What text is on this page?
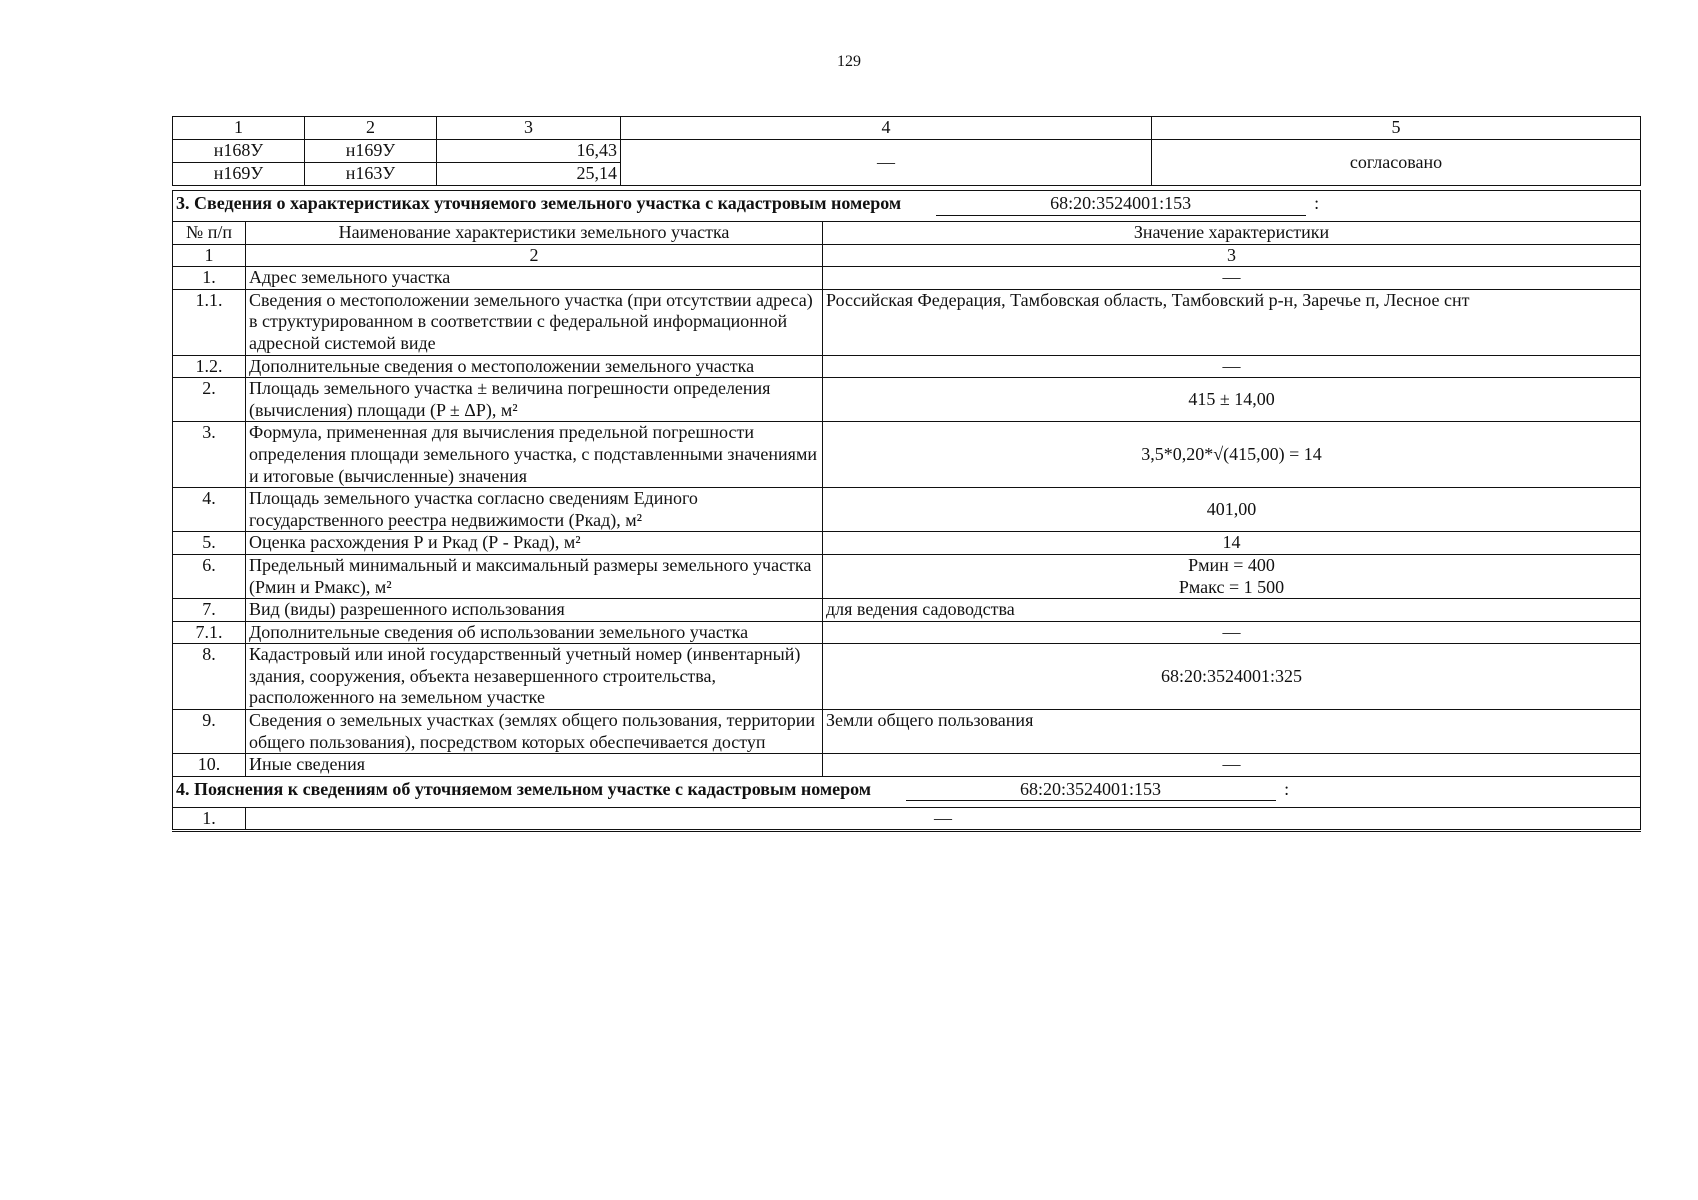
129
1	2	3	4	5
н168У	н169У	16,43	—	согласовано
н169У	н163У	25,14		
3. Сведения о характеристиках уточняемого земельного участка с кадастровым номером 68:20:3524001:153 :		
№ п/п	Наименование характеристики земельного участка	Значение характеристики
1	2	3
1.	Адрес земельного участка	—
1.1.	Сведения о местоположении земельного участка (при отсутствии адреса) в структурированном в соответствии с федеральной информационной адресной системой виде	Российская Федерация, Тамбовская область, Тамбовский р-н, Заречье п, Лесное снт
1.2.	Дополнительные сведения о местоположении земельного участка	—
2.	Площадь земельного участка ± величина погрешности определения (вычисления) площади (P ± ΔP), м²	415 ± 14,00
3.	Формула, примененная для вычисления предельной погрешности определения площади земельного участка, с подставленными значениями и итоговые (вычисленные) значения	3,5*0,20*√(415,00) = 14
4.	Площадь земельного участка согласно сведениям Единого государственного реестра недвижимости (Ркад), м²	401,00
5.	Оценка расхождения Р и Ркад (Р - Ркад), м²	14
6.	Предельный минимальный и максимальный размеры земельного участка (Рмин и Рмакс), м²	Рмин = 400
Рмакс = 1 500

7.	Вид (виды) разрешенного использования	для ведения садоводства
7.1.	Дополнительные сведения об использовании земельного участка	—
8.	Кадастровый или иной государственный учетный номер (инвентарный) здания, сооружения, объекта незавершенного строительства, расположенного на земельном участке	68:20:3524001:325
9.	Сведения о земельных участках (землях общего пользования, территории общего пользования), посредством которых обеспечивается доступ	Земли общего пользования
10.	Иные сведения	—
4. Пояснения к сведениям об уточняемом земельном участке с кадастровым номером 68:20:3524001:153 :		
1.	—	
